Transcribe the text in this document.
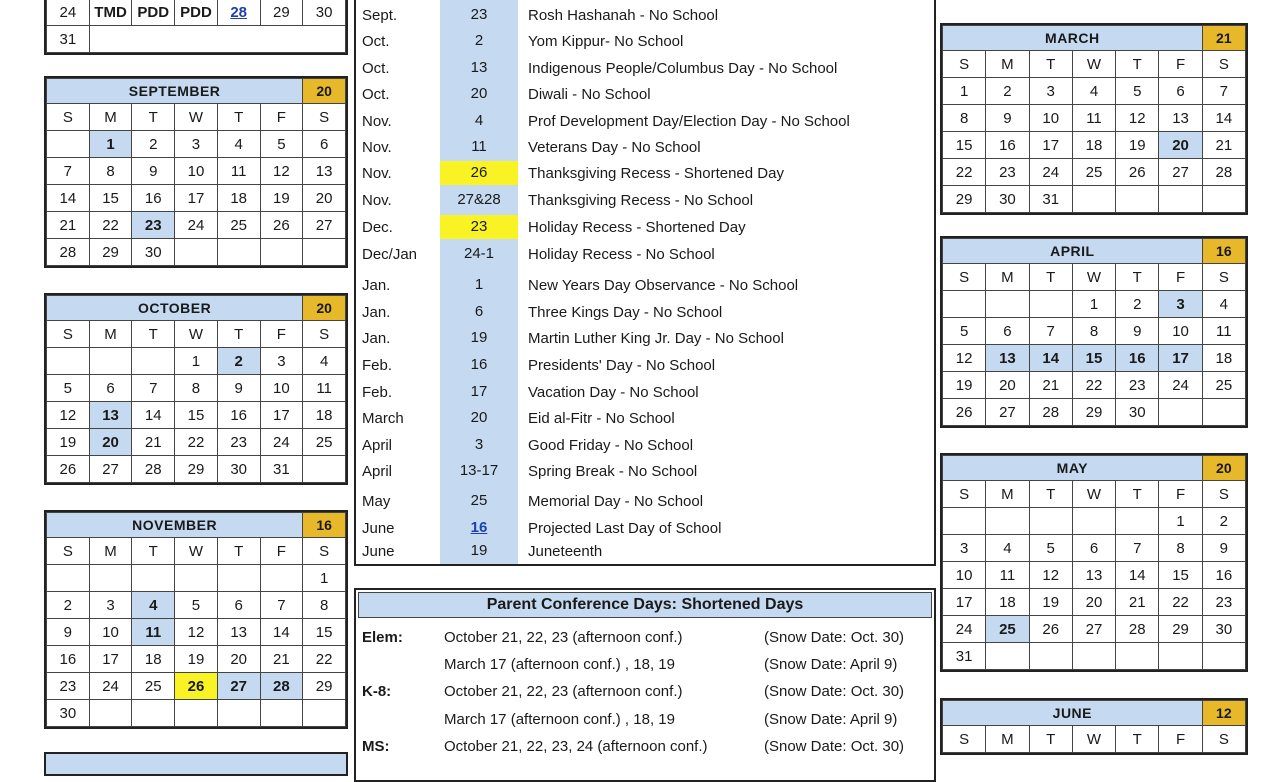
24	TMD	PDD	PDD	28	29	30
31						
SEPTEMBER						20
S	M	T	W	T	F	S
	1	2	3	4	5	6
7	8	9	10	11	12	13
14	15	16	17	18	19	20
21	22	23	24	25	26	27
28	29	30				
OCTOBER						20
S	M	T	W	T	F	S
			1	2	3	4
5	6	7	8	9	10	11
12	13	14	15	16	17	18
19	20	21	22	23	24	25
26	27	28	29	30	31	
NOVEMBER						16
S	M	T	W	T	F	S
						1
2	3	4	5	6	7	8
9	10	11	12	13	14	15
16	17	18	19	20	21	22
23	24	25	26	27	28	29
30						
MARCH						21
S	M	T	W	T	F	S
1	2	3	4	5	6	7
8	9	10	11	12	13	14
15	16	17	18	19	20	21
22	23	24	25	26	27	28
29	30	31				
APRIL						16
S	M	T	W	T	F	S
			1	2	3	4
5	6	7	8	9	10	11
12	13	14	15	16	17	18
19	20	21	22	23	24	25
26	27	28	29	30		
MAY						20
S	M	T	W	T	F	S
					1	2
3	4	5	6	7	8	9
10	11	12	13	14	15	16
17	18	19	20	21	22	23
24	25	26	27	28	29	30
31						
JUNE						12
S	M	T	W	T	F	S
Sept.	23	Rosh Hashanah - No School
Oct.	2	Yom Kippur- No School
Oct.	13	Indigenous People/Columbus Day - No School
Oct.	20	Diwali - No School
Nov.	4	Prof Development Day/Election Day - No School
Nov.	11	Veterans Day - No School
Nov.	26	Thanksgiving Recess - Shortened Day
Nov.	27&28	Thanksgiving Recess - No School
Dec.	23	Holiday Recess - Shortened Day
Dec/Jan	24-1	Holiday Recess - No School
Jan.	1	New Years Day Observance - No School
Jan.	6	Three Kings Day - No School
Jan.	19	Martin Luther King Jr. Day - No School
Feb.	16	Presidents' Day - No School
Feb.	17	Vacation Day - No School
March	20	Eid al-Fitr - No School
April	3	Good Friday - No School
April	13-17	Spring Break - No School
May	25	Memorial Day - No School
June	16	Projected Last Day of School
June	19	Juneteenth
Parent Conference Days: Shortened Days
Elem:	October 21, 22, 23 (afternoon conf.)	(Snow Date: Oct. 30)
March 17 (afternoon conf.) , 18, 19	(Snow Date: April 9)
K-8:	October 21, 22, 23 (afternoon conf.)	(Snow Date: Oct. 30)
March 17 (afternoon conf.) , 18, 19	(Snow Date: April 9)
MS:	October 21, 22, 23, 24 (afternoon conf.)	(Snow Date: Oct. 30)
